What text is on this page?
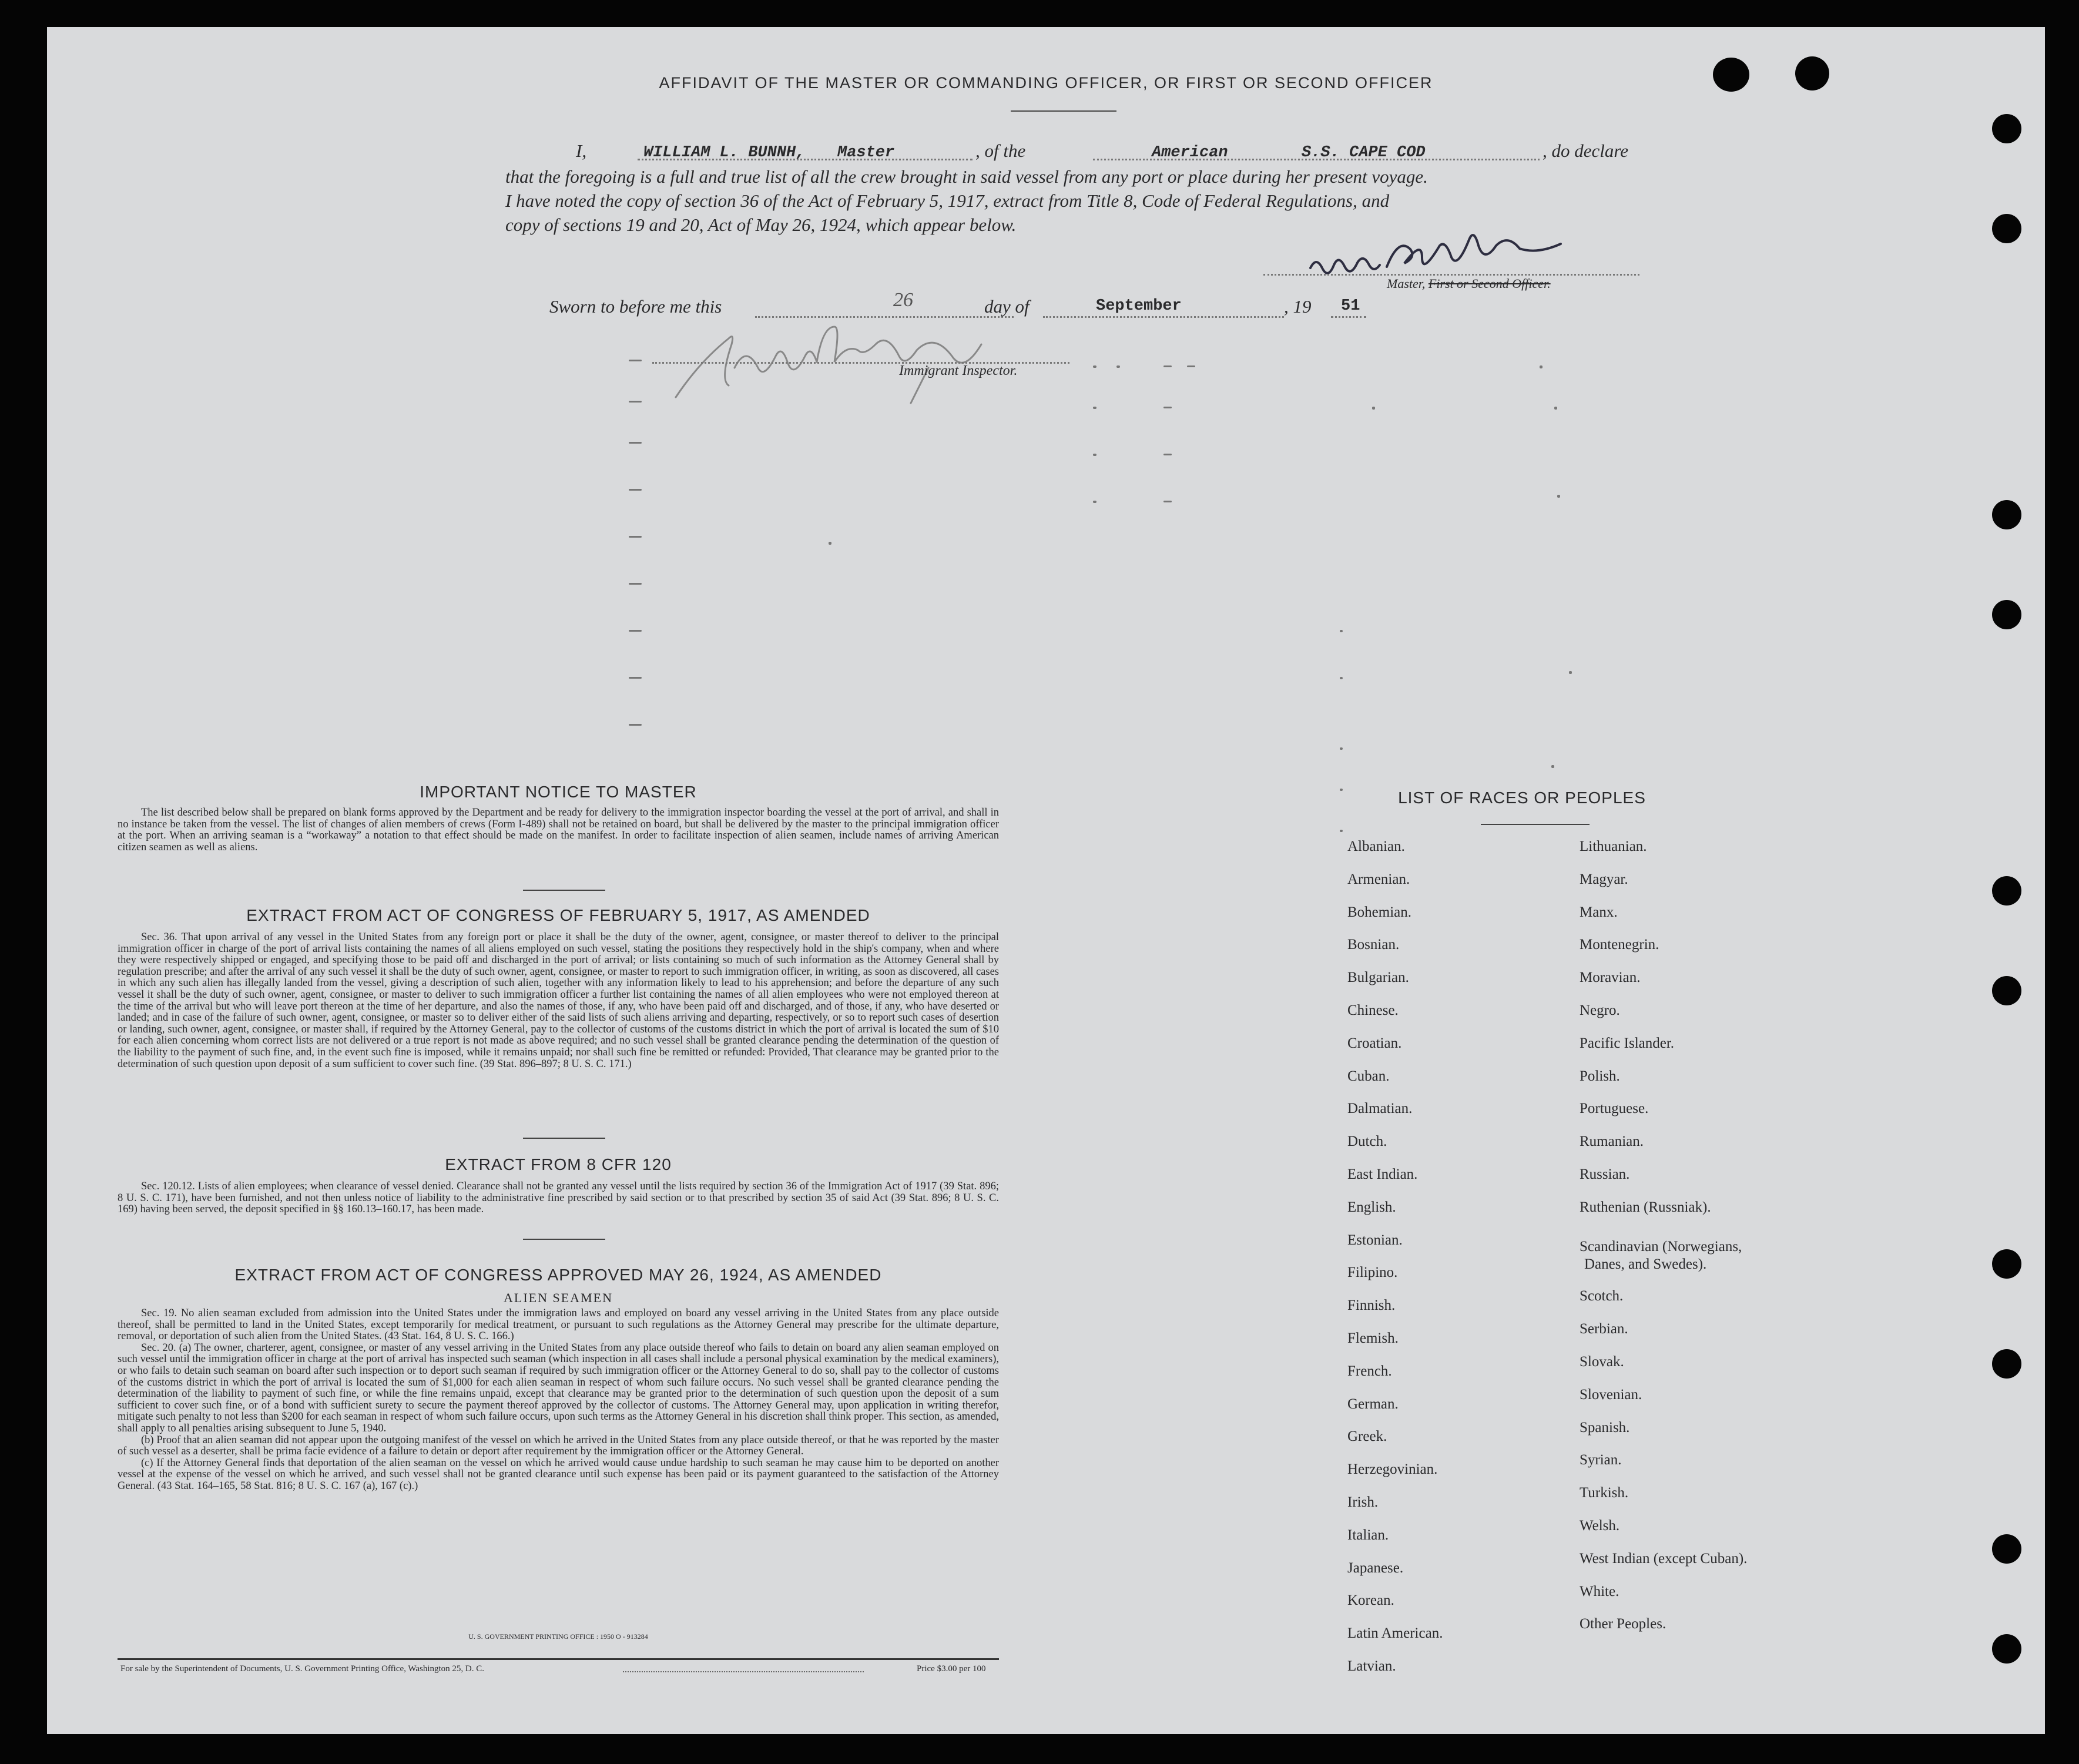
AFFIDAVIT OF THE MASTER OR COMMANDING OFFICER, OR FIRST OR SECOND OFFICER
I,	WILLIAM L. BUNNH, Master	, of the	American	S.S. CAPE COD	, do declare
that the foregoing is a full and true list of all the crew brought in said vessel from any port or place during her present voyage.
I have noted the copy of section 36 of the Act of February 5, 1917, extract from Title 8, Code of Federal Regulations, and
copy of sections 19 and 20, Act of May 26, 1924, which appear below.
Master, First or Second Officer.
Sworn to before me this	26	day of	September	, 19 51
Immigrant Inspector.
IMPORTANT NOTICE TO MASTER
The list described below shall be prepared on blank forms approved by the Department and be ready for delivery to the immigration inspector boarding the vessel at the port of arrival, and shall in no instance be taken from the vessel. The list of changes of alien members of crews (Form I-489) shall not be retained on board, but shall be delivered by the master to the principal immigration officer at the port. When an arriving seaman is a “workaway” a notation to that effect should be made on the manifest. In order to facilitate inspection of alien seamen, include names of arriving American citizen seamen as well as aliens.
EXTRACT FROM ACT OF CONGRESS OF FEBRUARY 5, 1917, AS AMENDED
Sec. 36. That upon arrival of any vessel in the United States from any foreign port or place it shall be the duty of the owner, agent, consignee, or master thereof to deliver to the principal immigration officer in charge of the port of arrival lists containing the names of all aliens employed on such vessel, stating the positions they respectively hold in the ship's company, when and where they were respectively shipped or engaged, and specifying those to be paid off and discharged in the port of arrival; or lists containing so much of such information as the Attorney General shall by regulation prescribe; and after the arrival of any such vessel it shall be the duty of such owner, agent, consignee, or master to report to such immigration officer, in writing, as soon as discovered, all cases in which any such alien has illegally landed from the vessel, giving a description of such alien, together with any information likely to lead to his apprehension; and before the departure of any such vessel it shall be the duty of such owner, agent, consignee, or master to deliver to such immigration officer a further list containing the names of all alien employees who were not employed thereon at the time of the arrival but who will leave port thereon at the time of her departure, and also the names of those, if any, who have been paid off and discharged, and of those, if any, who have deserted or landed; and in case of the failure of such owner, agent, consignee, or master so to deliver either of the said lists of such aliens arriving and departing, respectively, or so to report such cases of desertion or landing, such owner, agent, consignee, or master shall, if required by the Attorney General, pay to the collector of customs of the customs district in which the port of arrival is located the sum of $10 for each alien concerning whom correct lists are not delivered or a true report is not made as above required; and no such vessel shall be granted clearance pending the determination of the question of the liability to the payment of such fine, and, in the event such fine is imposed, while it remains unpaid; nor shall such fine be remitted or refunded: Provided, That clearance may be granted prior to the determination of such question upon deposit of a sum sufficient to cover such fine. (39 Stat. 896–897; 8 U. S. C. 171.)
EXTRACT FROM 8 CFR 120
Sec. 120.12. Lists of alien employees; when clearance of vessel denied. Clearance shall not be granted any vessel until the lists required by section 36 of the Immigration Act of 1917 (39 Stat. 896; 8 U. S. C. 171), have been furnished, and not then unless notice of liability to the administrative fine prescribed by said section or to that prescribed by section 35 of said Act (39 Stat. 896; 8 U. S. C. 169) having been served, the deposit specified in §§ 160.13–160.17, has been made.
EXTRACT FROM ACT OF CONGRESS APPROVED MAY 26, 1924, AS AMENDED
ALIEN SEAMEN

Sec. 19. No alien seaman excluded from admission into the United States under the immigration laws and employed on board any vessel arriving in the United States from any place outside thereof, shall be permitted to land in the United States, except temporarily for medical treatment, or pursuant to such regulations as the Attorney General may prescribe for the ultimate departure, removal, or deportation of such alien from the United States. (43 Stat. 164, 8 U. S. C. 166.)

Sec. 20. (a) The owner, charterer, agent, consignee, or master of any vessel arriving in the United States from any place outside thereof who fails to detain on board any alien seaman employed on such vessel until the immigration officer in charge at the port of arrival has inspected such seaman (which inspection in all cases shall include a personal physical examination by the medical examiners), or who fails to detain such seaman on board after such inspection or to deport such seaman if required by such immigration officer or the Attorney General to do so, shall pay to the collector of customs of the customs district in which the port of arrival is located the sum of $1,000 for each alien seaman in respect of whom such failure occurs. No such vessel shall be granted clearance pending the determination of the liability to payment of such fine, or while the fine remains unpaid, except that clearance may be granted prior to the determination of such question upon the deposit of a sum sufficient to cover such fine, or of a bond with sufficient surety to secure the payment thereof approved by the collector of customs. The Attorney General may, upon application in writing therefor, mitigate such penalty to not less than $200 for each seaman in respect of whom such failure occurs, upon such terms as the Attorney General in his discretion shall think proper. This section, as amended, shall apply to all penalties arising subsequent to June 5, 1940.

(b) Proof that an alien seaman did not appear upon the outgoing manifest of the vessel on which he arrived in the United States from any place outside thereof, or that he was reported by the master of such vessel as a deserter, shall be prima facie evidence of a failure to detain or deport after requirement by the immigration officer or the Attorney General.

(c) If the Attorney General finds that deportation of the alien seaman on the vessel on which he arrived would cause undue hardship to such seaman he may cause him to be deported on another vessel at the expense of the vessel on which he arrived, and such vessel shall not be granted clearance until such expense has been paid or its payment guaranteed to the satisfaction of the Attorney General. (43 Stat. 164–165, 58 Stat. 816; 8 U. S. C. 167 (a), 167 (c).)

U. S. GOVERNMENT PRINTING OFFICE : 1950 O - 913284
For sale by the Superintendent of Documents, U. S. Government Printing Office, Washington 25, D. C.	Price $3.00 per 100
LIST OF RACES OR PEOPLES
Albanian.
Armenian.
Bohemian.
Bosnian.
Bulgarian.
Chinese.
Croatian.
Cuban.
Dalmatian.
Dutch.
East Indian.
English.
Estonian.
Filipino.
Finnish.
Flemish.
French.
German.
Greek.
Herzegovinian.
Irish.
Italian.
Japanese.
Korean.
Latin American.
Latvian.
Lithuanian.
Magyar.
Manx.
Montenegrin.
Moravian.
Negro.
Pacific Islander.
Polish.
Portuguese.
Rumanian.
Russian.
Ruthenian (Russniak).
Scandinavian (Norwegians,
Danes, and Swedes).
Scotch.
Serbian.
Slovak.
Slovenian.
Spanish.
Syrian.
Turkish.
Welsh.
West Indian (except Cuban).
White.
Other Peoples.
